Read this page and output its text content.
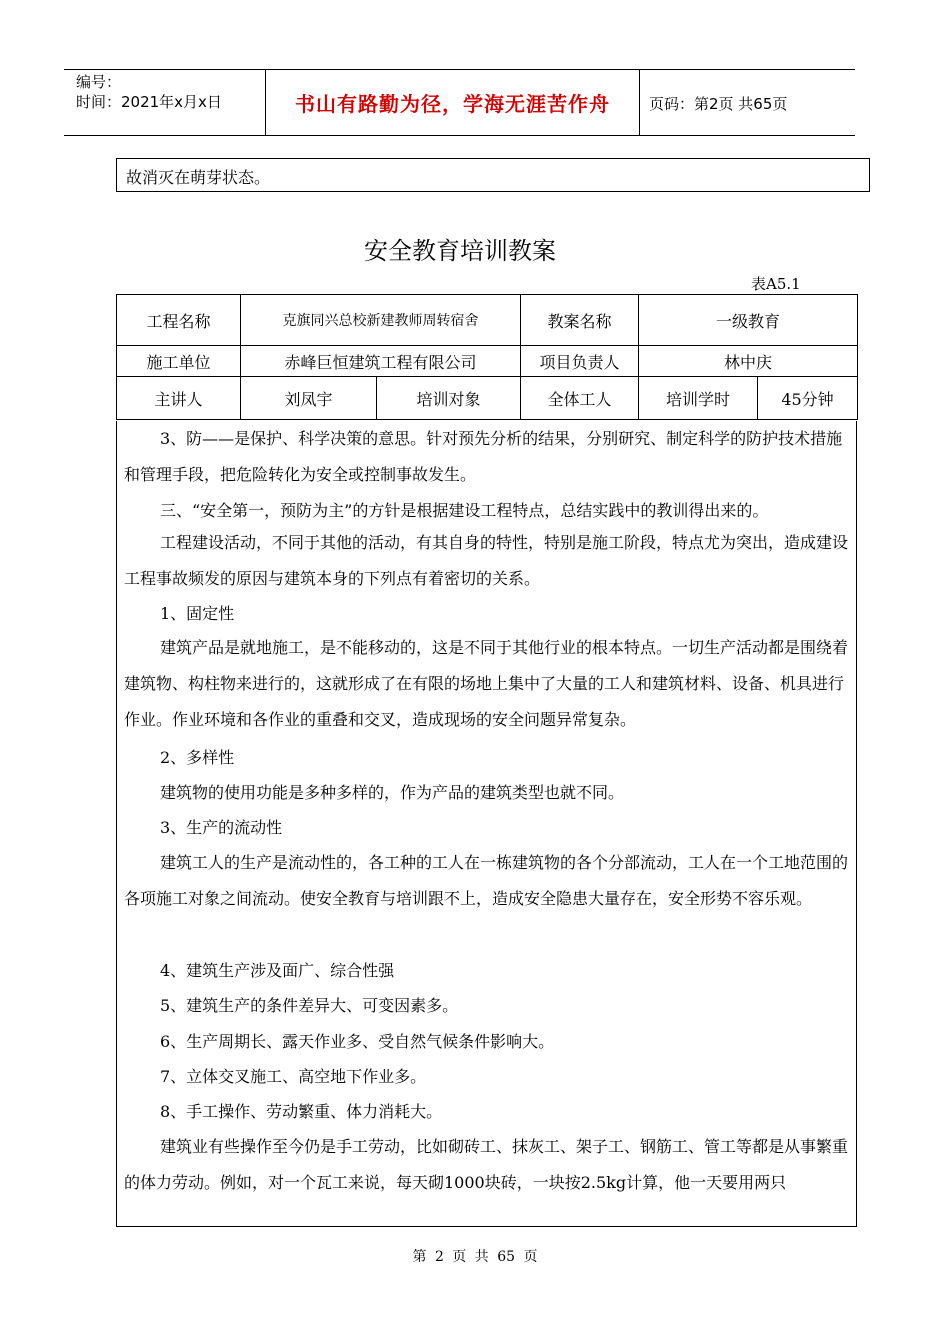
编号：
时间：2021年x月x日	书山有路勤为径，学海无涯苦作舟	页码：第2页 共65页
故消灭在萌芽状态。
安全教育培训教案
表A5.1
工程名称	克旗同兴总校新建教师周转宿舍		教案名称	一级教育	
施工单位	赤峰巨恒建筑工程有限公司		项目负责人	林中庆	
主讲人	刘凤宇	培训对象	全体工人	培训学时	45分钟

3、防——是保护、科学决策的意思。针对预先分析的结果，分别研究、制定科学的防护技术措施和管理手段，把危险转化为安全或控制事故发生。

三、“安全第一，预防为主”的方针是根据建设工程特点，总结实践中的教训得出来的。

工程建设活动，不同于其他的活动，有其自身的特性，特别是施工阶段，特点尤为突出，造成建设工程事故频发的原因与建筑本身的下列点有着密切的关系。

1、固定性

建筑产品是就地施工，是不能移动的，这是不同于其他行业的根本特点。一切生产活动都是围绕着建筑物、构柱物来进行的，这就形成了在有限的场地上集中了大量的工人和建筑材料、设备、机具进行作业。作业环境和各作业的重叠和交叉，造成现场的安全问题异常复杂。

2、多样性

建筑物的使用功能是多种多样的，作为产品的建筑类型也就不同。

3、生产的流动性

建筑工人的生产是流动性的，各工种的工人在一栋建筑物的各个分部流动，工人在一个工地范围的各项施工对象之间流动。使安全教育与培训跟不上，造成安全隐患大量存在，安全形势不容乐观。

4、建筑生产涉及面广、综合性强

5、建筑生产的条件差异大、可变因素多。

6、生产周期长、露天作业多、受自然气候条件影响大。

7、立体交叉施工、高空地下作业多。

8、手工操作、劳动繁重、体力消耗大。

建筑业有些操作至今仍是手工劳动，比如砌砖工、抹灰工、架子工、钢筋工、管工等都是从事繁重的体力劳动。例如，对一个瓦工来说，每天砌1000块砖，一块按2.5kg计算，他一天要用两只

第 2 页 共 65 页
